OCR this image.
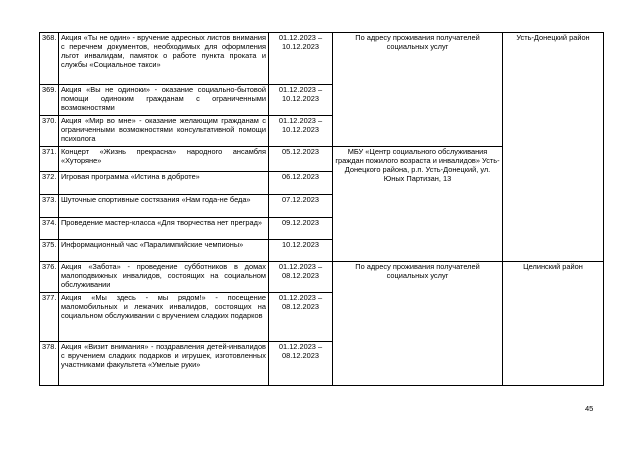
368.	Акция «Ты не один» - вручение адресных листов внимания с перечнем документов, необходимых для оформления льгот инвалидам, памяток о работе пункта проката и службы «Социальное такси»	01.12.2023 – 10.12.2023	По адресу проживания получателей социальных услуг	Усть-Донецкий район
369.	Акция «Вы не одиноки» - оказание социально-бытовой помощи одиноким гражданам с ограниченными возможностями	01.12.2023 – 10.12.2023		
370.	Акция «Мир во мне» - оказание желающим гражданам с ограниченными возможностями консультативной помощи психолога	01.12.2023 – 10.12.2023		
371.	Концерт «Жизнь прекрасна» народного ансамбля «Хуторяне»	05.12.2023	МБУ «Центр социального обслуживания граждан пожилого возраста и инвалидов» Усть-Донецкого района, р.п. Усть-Донецкий, ул. Юных Партизан, 13	
372.	Игровая программа «Истина в доброте»	06.12.2023		
373.	Шуточные спортивные состязания «Нам года-не беда»	07.12.2023		
374.	Проведение мастер-класса «Для творчества нет преград»	09.12.2023		
375.	Информационный час «Паралимпийские чемпионы»	10.12.2023		
376.	Акция «Забота» - проведение субботников в домах малоподвижных инвалидов, состоящих на социальном обслуживании	01.12.2023 – 08.12.2023	По адресу проживания получателей социальных услуг	Целинский район
377.	Акция «Мы здесь - мы рядом!» - посещение маломобильных и лежачих инвалидов, состоящих на социальном обслуживании с вручением сладких подарков	01.12.2023 – 08.12.2023		
378.	Акция «Визит внимания» - поздравления детей-инвалидов с вручением сладких подарков и игрушек, изготовленных участниками факультета «Умелые руки»	01.12.2023 – 08.12.2023		
45
